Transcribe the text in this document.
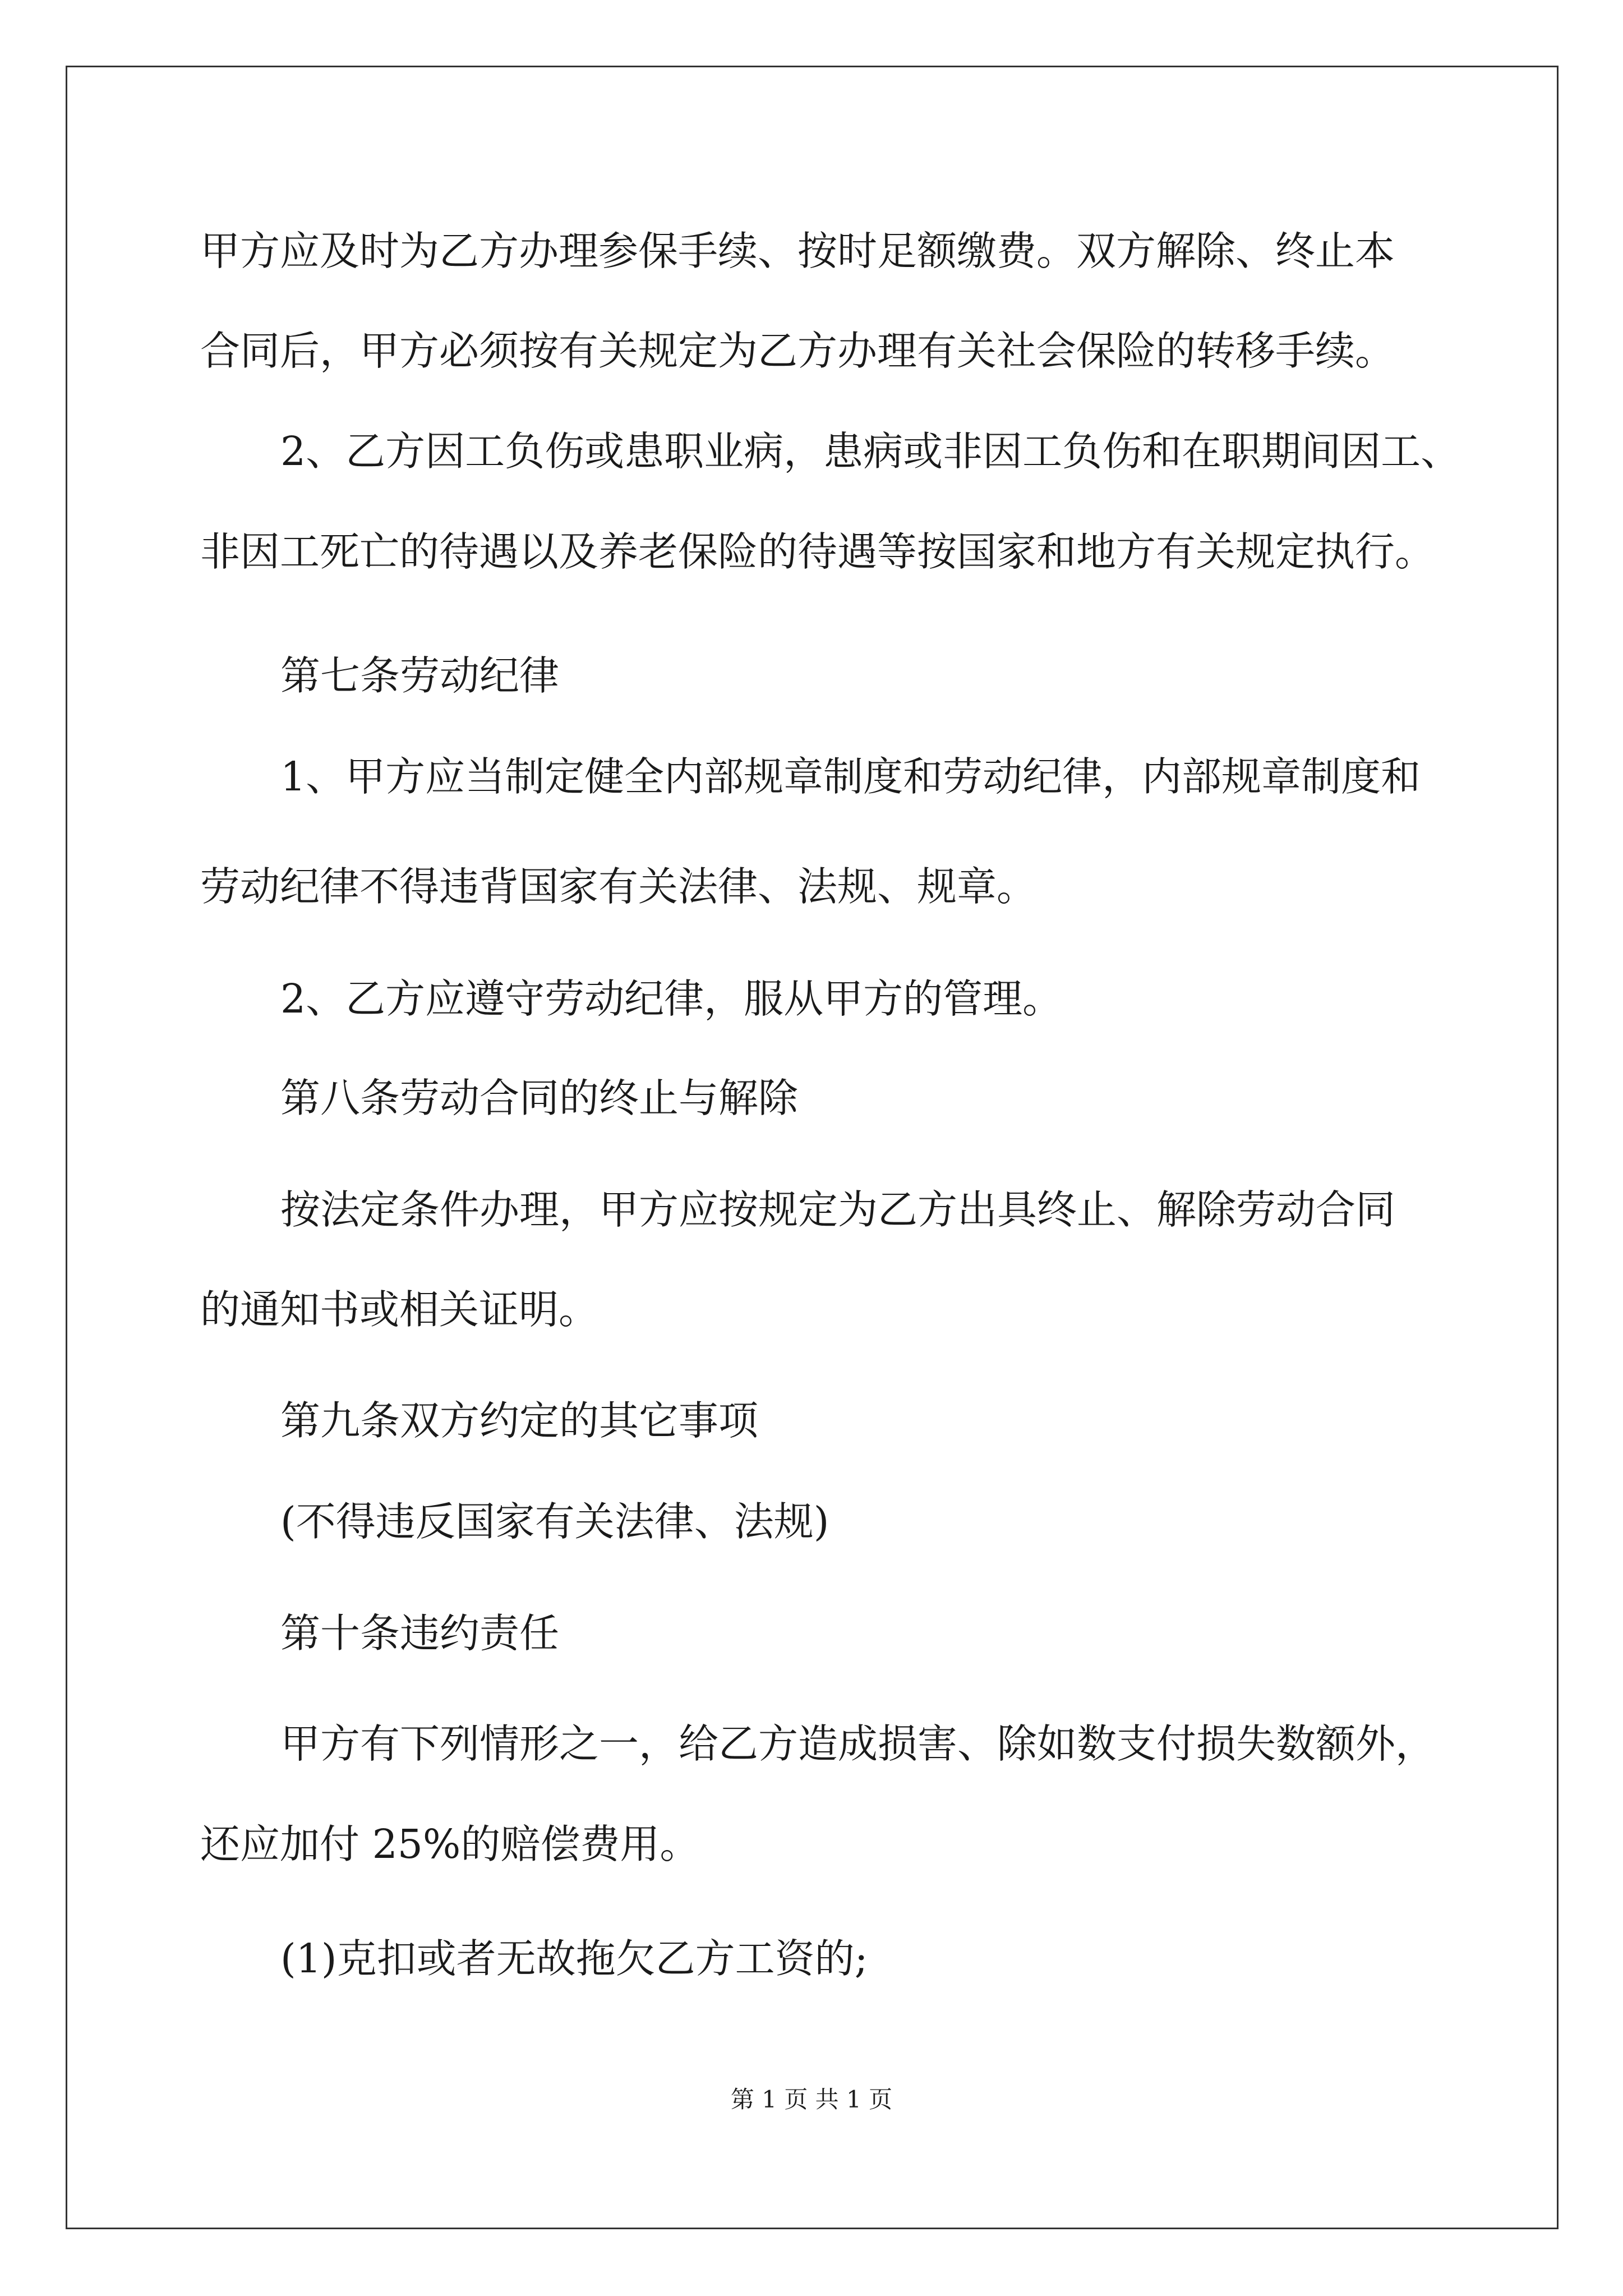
甲方应及时为乙方办理参保手续、按时足额缴费。双方解除、终止本
合同后，甲方必须按有关规定为乙方办理有关社会保险的转移手续。
2、乙方因工负伤或患职业病，患病或非因工负伤和在职期间因工、
非因工死亡的待遇以及养老保险的待遇等按国家和地方有关规定执行。
第七条劳动纪律
1、甲方应当制定健全内部规章制度和劳动纪律，内部规章制度和
劳动纪律不得违背国家有关法律、法规、规章。
2、乙方应遵守劳动纪律，服从甲方的管理。
第八条劳动合同的终止与解除
按法定条件办理，甲方应按规定为乙方出具终止、解除劳动合同
的通知书或相关证明。
第九条双方约定的其它事项
(不得违反国家有关法律、法规)
第十条违约责任
甲方有下列情形之一，给乙方造成损害、除如数支付损失数额外，
还应加付 25%的赔偿费用。
(1)克扣或者无故拖欠乙方工资的;
第 1 页 共 1 页
